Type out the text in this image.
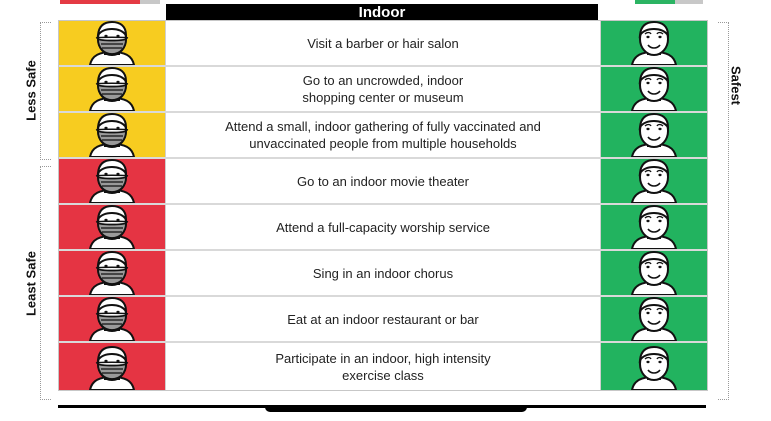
Indoor
Less Safe
Least Safe
Safest
Visit a barber or hair salon
Go to an uncrowded, indoor
shopping center or museum
Attend a small, indoor gathering of fully vaccinated and
unvaccinated people from multiple households
Go to an indoor movie theater
Attend a full-capacity worship service
Sing in an indoor chorus
Eat at an indoor restaurant or bar
Participate in an indoor, high intensity
exercise class
